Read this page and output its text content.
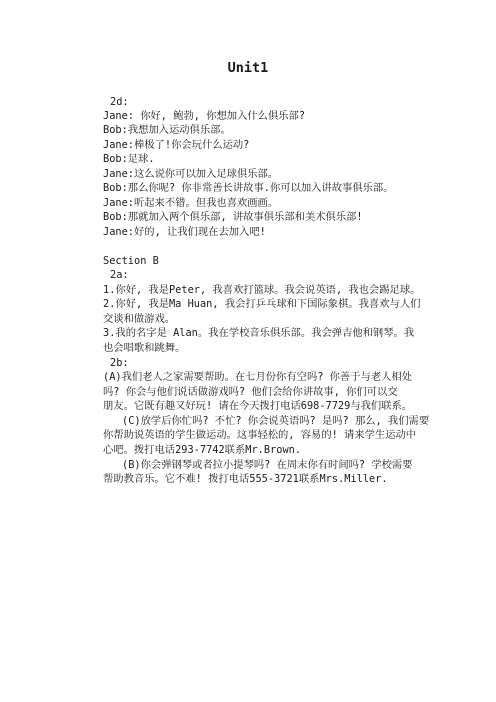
Unit1
2d:
Jane: 你好, 鲍勃, 你想加入什么俱乐部?
Bob:我想加入运动俱乐部。
Jane:棒极了!你会玩什么运动?
Bob:足球.
Jane:这么说你可以加入足球俱乐部。
Bob:那么你呢? 你非常善长讲故事.你可以加入讲故事俱乐部。
Jane:听起来不错。但我也喜欢画画。
Bob:那就加入两个俱乐部, 讲故事俱乐部和美术俱乐部!
Jane:好的, 让我们现在去加入吧!
Section B
2a:
1.你好, 我是Peter, 我喜欢打篮球。我会说英语, 我也会踢足球。
2.你好, 我是Ma Huan, 我会打乒乓球和下国际象棋。我喜欢与人们
交谈和做游戏。
3.我的名字是 Alan。我在学校音乐俱乐部。我会弹吉他和钢琴。我
也会唱歌和跳舞。
2b:
(A)我们老人之家需要帮助。在七月份你有空吗? 你善于与老人相处
吗? 你会与他们说话做游戏吗? 他们会给你讲故事, 你们可以交
朋友。它既有趣又好玩! 请在今天拨打电话698-7729与我们联系。
(C)放学后你忙吗? 不忙? 你会说英语吗? 是吗? 那么, 我们需要
你帮助说英语的学生做运动。这事轻松的, 容易的! 请来学生运动中
心吧。拨打电话293-7742联系Mr.Brown.
(B)你会弹钢琴或者拉小提琴吗? 在周末你有时间吗? 学校需要
帮助教音乐。它不难! 拨打电话555-3721联系Mrs.Miller.
